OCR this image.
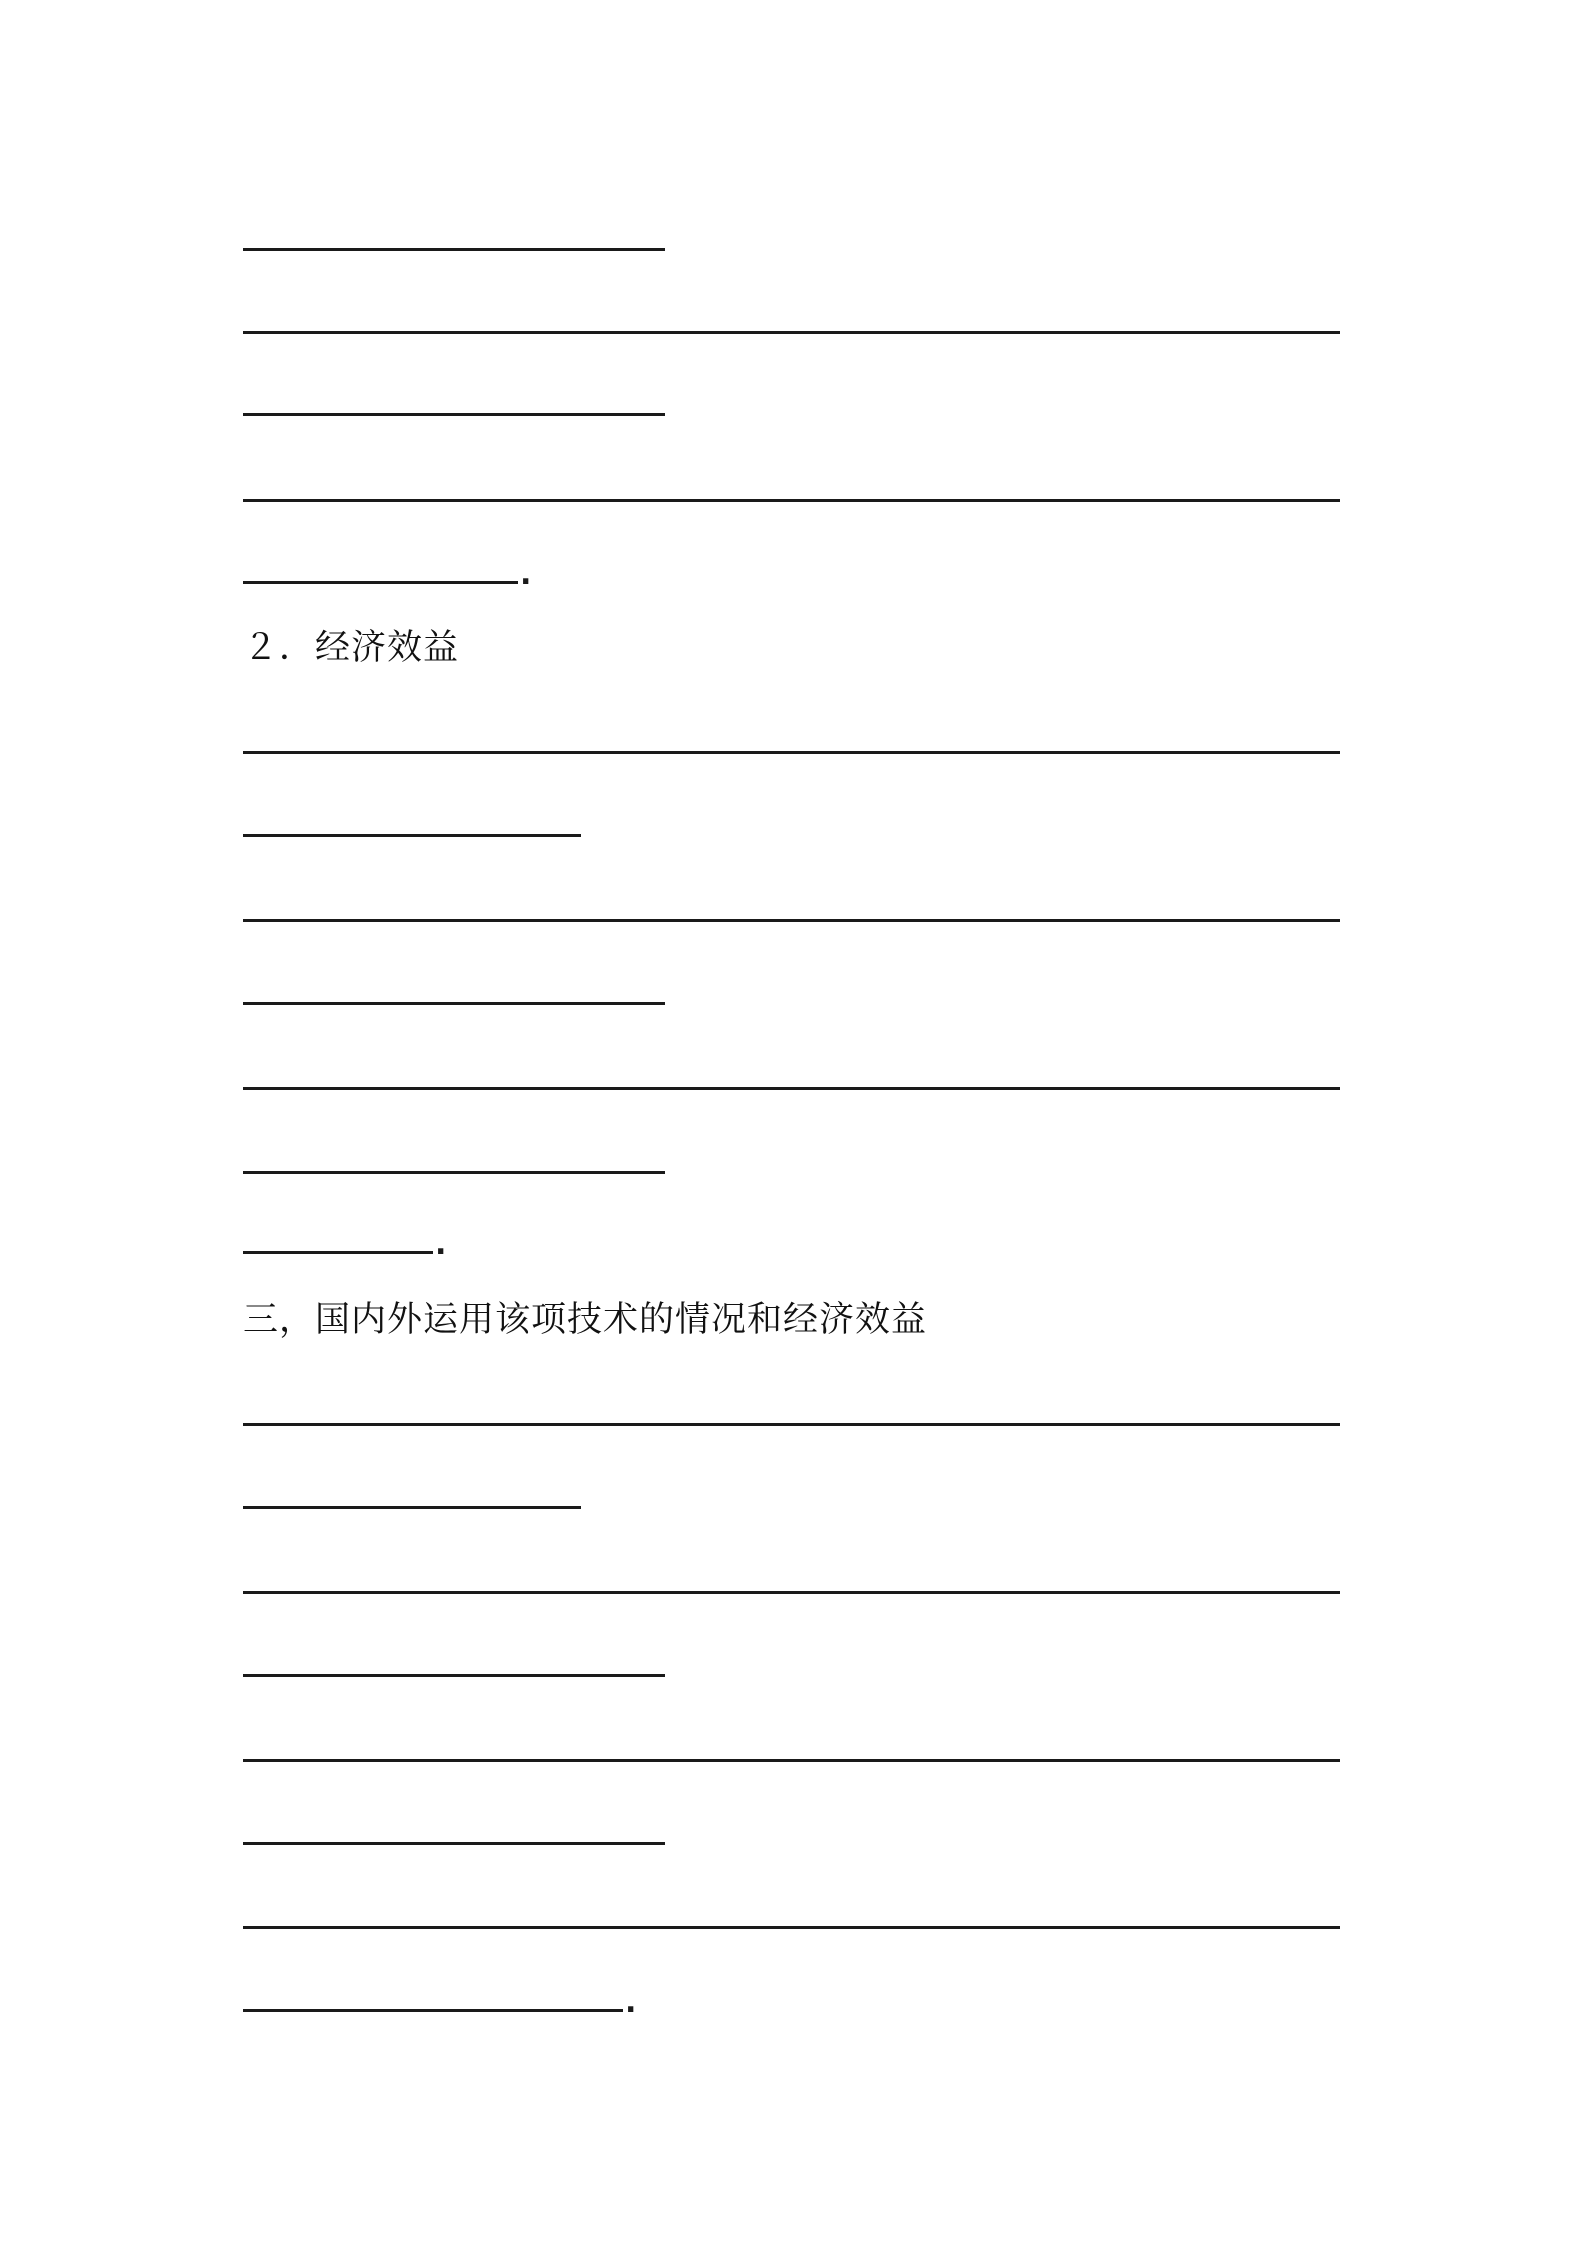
.
２．经济效益
.
三，国内外运用该项技术的情况和经济效益
.
